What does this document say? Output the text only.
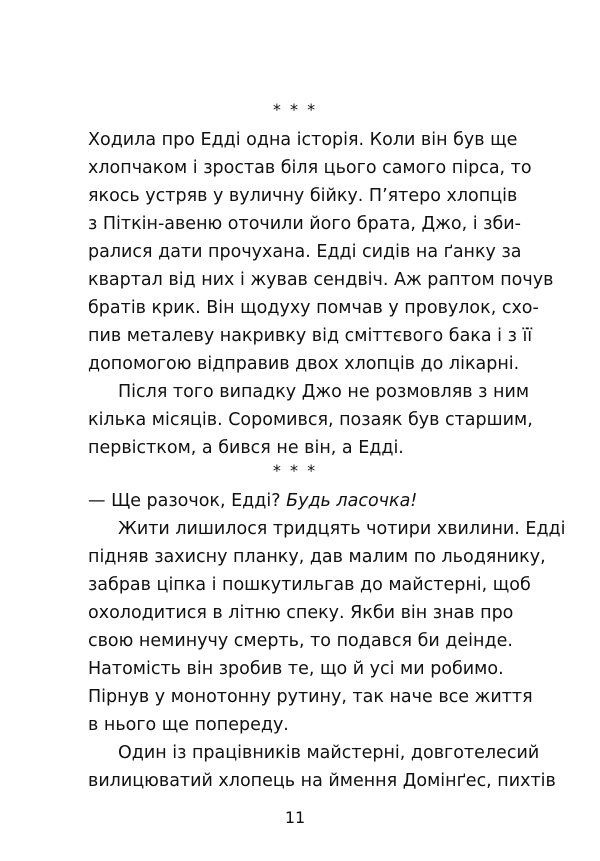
* * *
Ходила про Едді одна історія. Коли він був ще
хлопчаком і зростав біля цього самого пірса, то
якось устряв у вуличну бійку. П’ятеро хлопців
з Піткін-авеню оточили його брата, Джо, і зби-
ралися дати прочухана. Едді сидів на ґанку за
квартал від них і жував сендвіч. Аж раптом почув
братів крик. Він щодуху помчав у провулок, схо-
пив металеву накривку від сміттєвого бака і з її
допомогою відправив двох хлопців до лікарні.
Після того випадку Джо не розмовляв з ним
кілька місяців. Соромився, позаяк був старшим,
первістком, а бився не він, а Едді.
* * *
— Ще разочок, Едді? Будь ласочка!
Жити лишилося тридцять чотири хвилини. Едді
підняв захисну планку, дав малим по льодянику,
забрав ціпка і пошкутильгав до майстерні, щоб
охолодитися в літню спеку. Якби він знав про
свою неминучу смерть, то подався би деінде.
Натомість він зробив те, що й усі ми робимо.
Пірнув у монотонну рутину, так наче все життя
в нього ще попереду.
Один із працівників майстерні, довготелесий
вилицюватий хлопець на ймення Домінґес, пихтів
11
